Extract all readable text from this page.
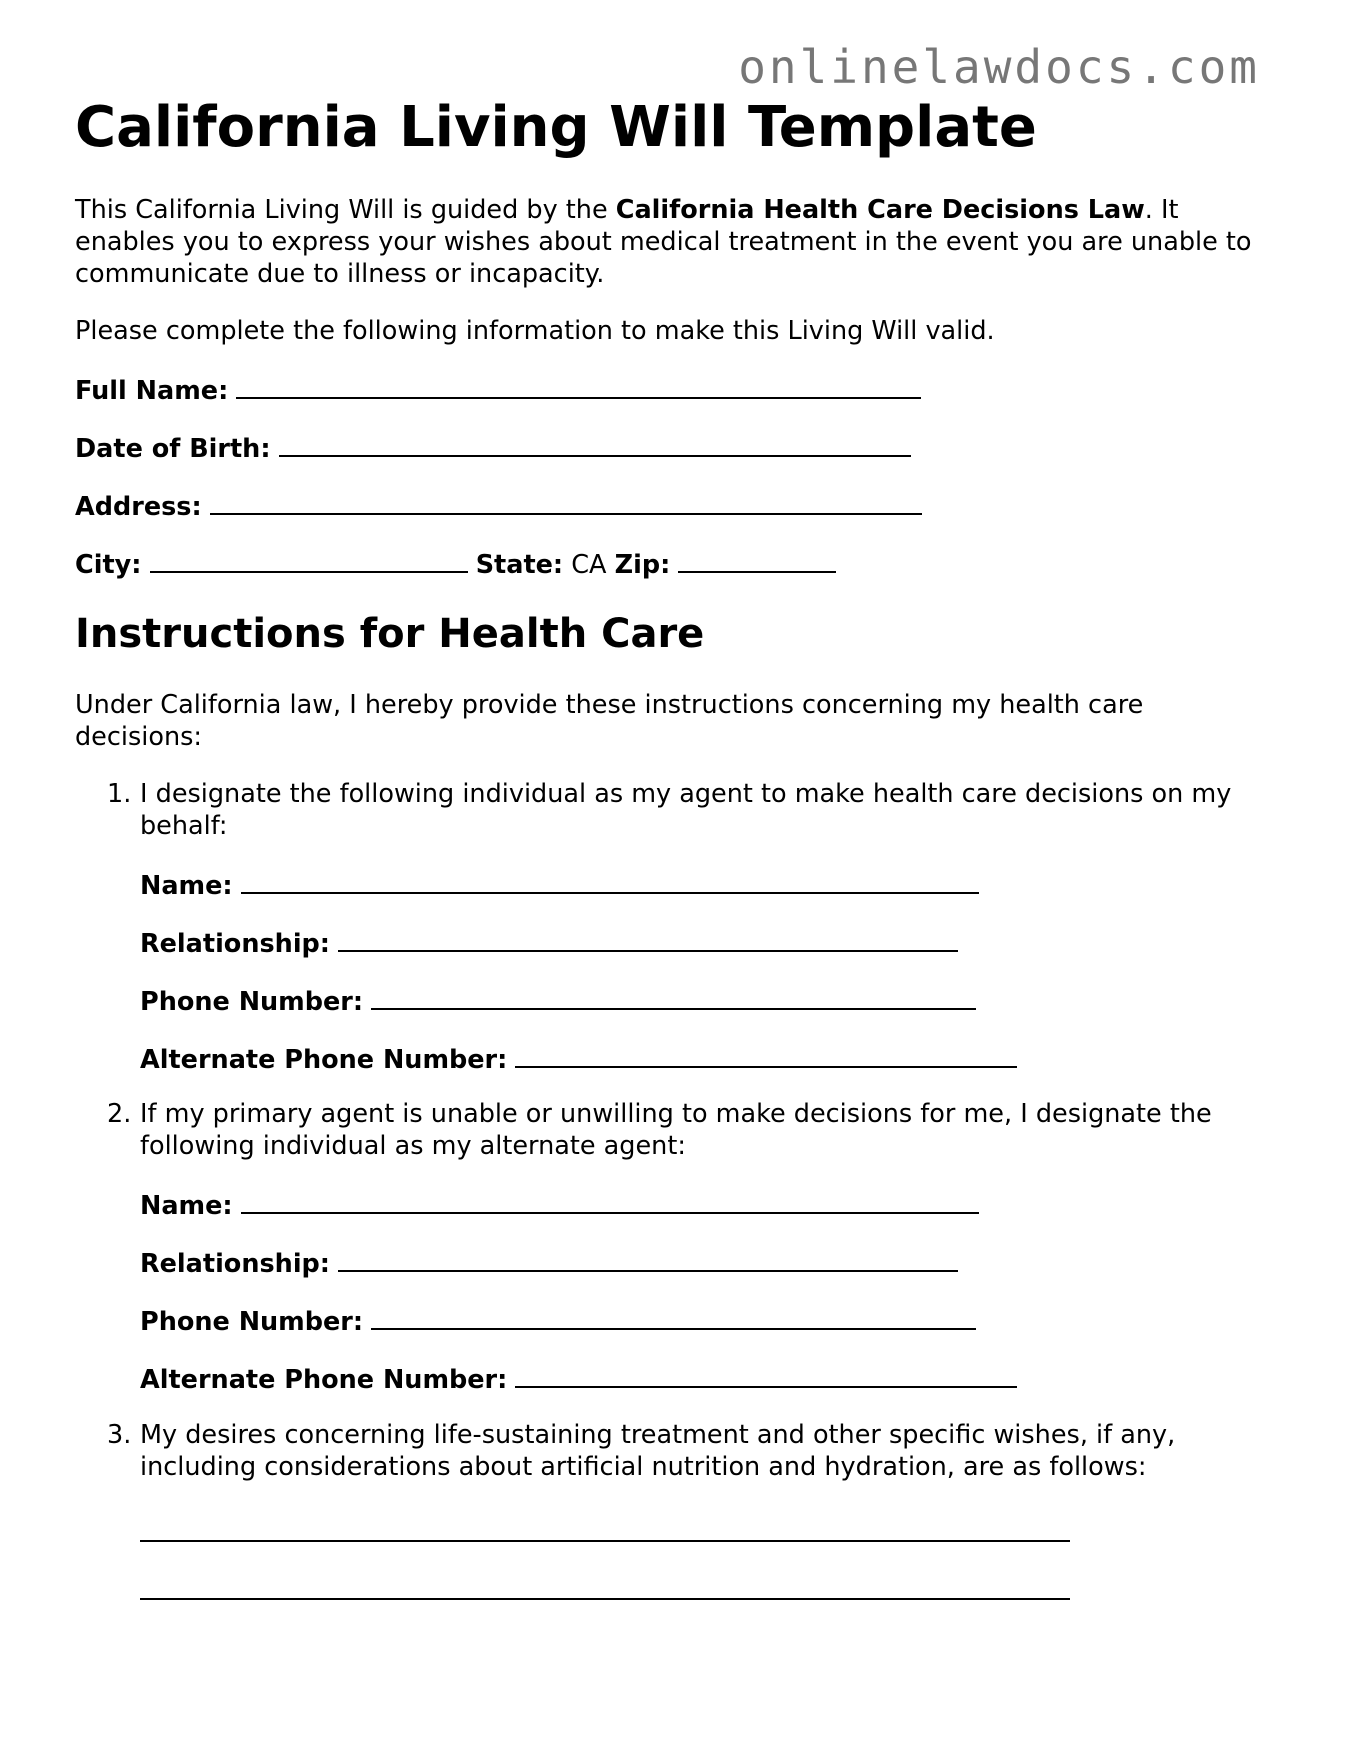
onlinelawdocs.com
California Living Will Template

This California Living Will is guided by the California Health Care Decisions Law. It enables you to express your wishes about medical treatment in the event you are unable to communicate due to illness or incapacity.

Please complete the following information to make this Living Will valid.

Full Name:

Date of Birth:

Address:

City:	State: CA Zip:

Instructions for Health Care

Under California law, I hereby provide these instructions concerning my health care decisions:

1. I designate the following individual as my agent to make health care decisions on my behalf:

Name:

Relationship:

Phone Number:

Alternate Phone Number:

2. If my primary agent is unable or unwilling to make decisions for me, I designate the following individual as my alternate agent:

Name:

Relationship:

Phone Number:

Alternate Phone Number:

3. My desires concerning life-sustaining treatment and other specific wishes, if any, including considerations about artificial nutrition and hydration, are as follows:
